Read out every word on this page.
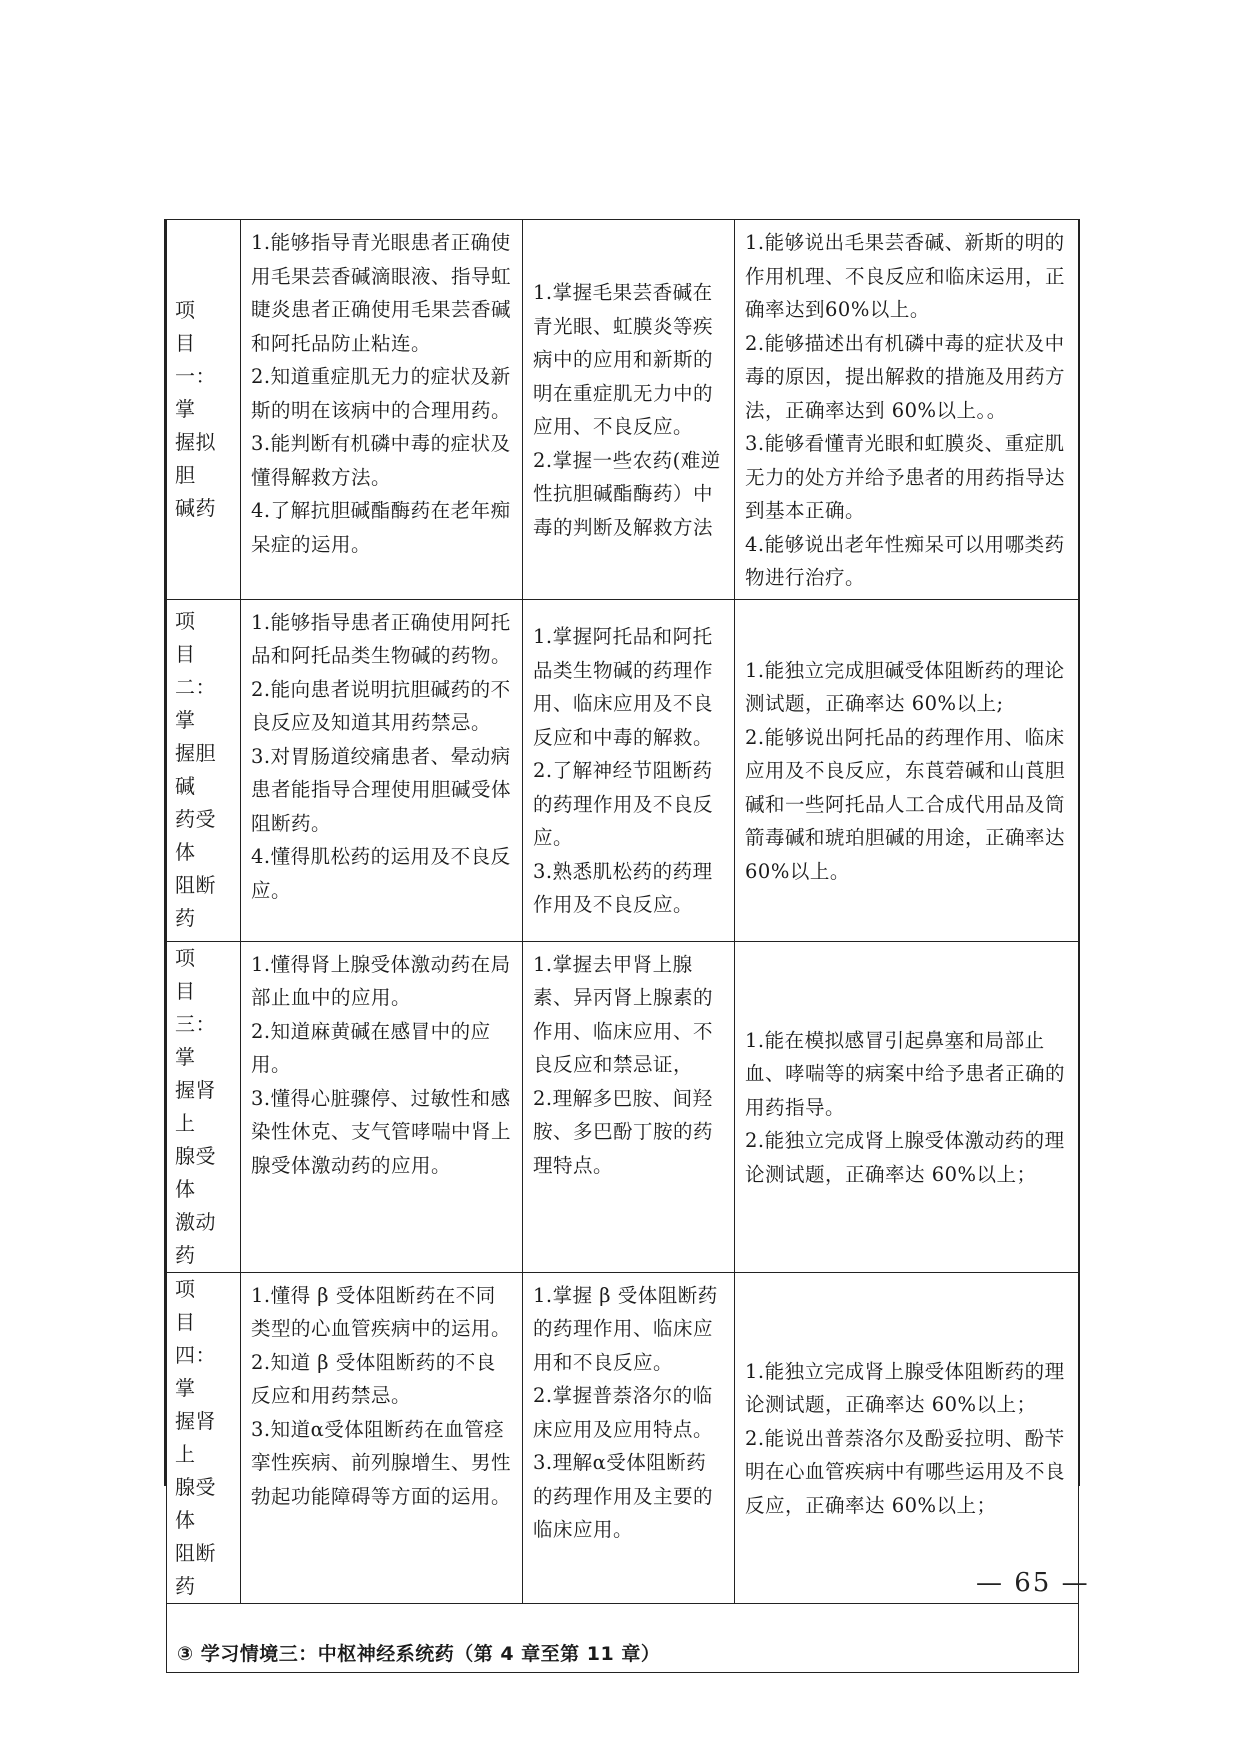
项　目
一：掌
握拟胆
碱药	1.能够指导青光眼患者正确使用毛果芸香碱滴眼液、指导虹睫炎患者正确使用毛果芸香碱和阿托品防止粘连。
2.知道重症肌无力的症状及新斯的明在该病中的合理用药。
3.能判断有机磷中毒的症状及懂得解救方法。
4.了解抗胆碱酯酶药在老年痴呆症的运用。	1.掌握毛果芸香碱在青光眼、虹膜炎等疾病中的应用和新斯的明在重症肌无力中的应用、不良反应。
2.掌握一些农药(难逆性抗胆碱酯酶药）中毒的判断及解救方法	1.能够说出毛果芸香碱、新斯的明的作用机理、不良反应和临床运用，正确率达到60%以上。
2.能够描述出有机磷中毒的症状及中毒的原因，提出解救的措施及用药方法，正确率达到 60%以上。。
3.能够看懂青光眼和虹膜炎、重症肌无力的处方并给予患者的用药指导达到基本正确。
4.能够说出老年性痴呆可以用哪类药物进行治疗。
项　目
二：掌
握胆碱
药受体
阻断药	1.能够指导患者正确使用阿托品和阿托品类生物碱的药物。
2.能向患者说明抗胆碱药的不良反应及知道其用药禁忌。
3.对胃肠道绞痛患者、晕动病患者能指导合理使用胆碱受体阻断药。
4.懂得肌松药的运用及不良反应。	1.掌握阿托品和阿托品类生物碱的药理作用、临床应用及不良反应和中毒的解救。
2.了解神经节阻断药的药理作用及不良反应。
3.熟悉肌松药的药理作用及不良反应。	1.能独立完成胆碱受体阻断药的理论测试题，正确率达 60%以上;
2.能够说出阿托品的药理作用、临床应用及不良反应，东莨菪碱和山莨胆碱和一些阿托品人工合成代用品及筒箭毒碱和琥珀胆碱的用途，正确率达 60%以上。
项　目
三：掌
握肾上
腺受体
激动药	1.懂得肾上腺受体激动药在局部止血中的应用。
2.知道麻黄碱在感冒中的应用。
3.懂得心脏骤停、过敏性和感染性休克、支气管哮喘中肾上腺受体激动药的应用。	1.掌握去甲肾上腺素、异丙肾上腺素的作用、临床应用、不良反应和禁忌证，
2.理解多巴胺、间羟胺、多巴酚丁胺的药理特点。	1.能在模拟感冒引起鼻塞和局部止血、哮喘等的病案中给予患者正确的用药指导。
2.能独立完成肾上腺受体激动药的理论测试题，正确率达 60%以上；
项　目
四：掌
握肾上
腺受体
阻断药	1.懂得 β 受体阻断药在不同类型的心血管疾病中的运用。
2.知道 β 受体阻断药的不良反应和用药禁忌。
3.知道α受体阻断药在血管痉挛性疾病、前列腺增生、男性勃起功能障碍等方面的运用。	1.掌握 β 受体阻断药的药理作用、临床应用和不良反应。
2.掌握普萘洛尔的临床应用及应用特点。
3.理解α受体阻断药的药理作用及主要的临床应用。	1.能独立完成肾上腺受体阻断药的理论测试题，正确率达 60%以上；
2.能说出普萘洛尔及酚妥拉明、酚苄明在心血管疾病中有哪些运用及不良反应，正确率达 60%以上；
③ 学习情境三：中枢神经系统药（第 4 章至第 11 章）			
— 65 —
